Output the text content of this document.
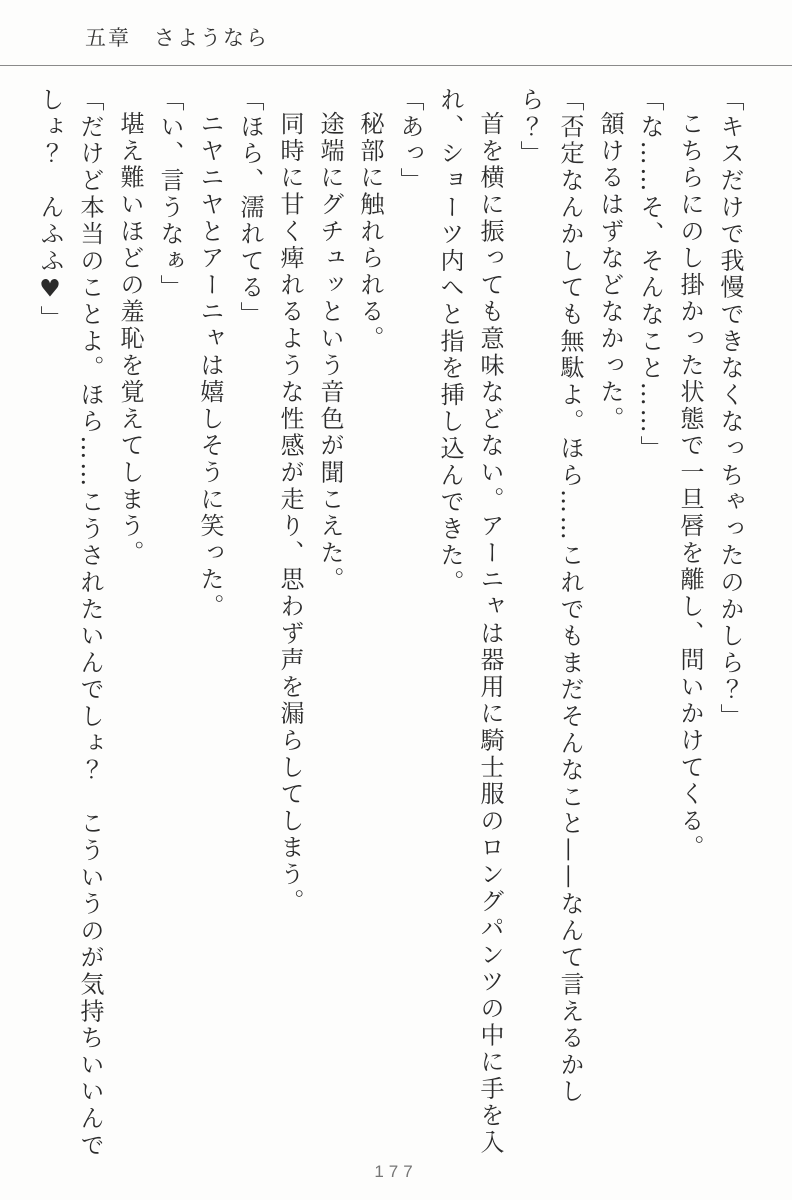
五章　さようなら

「キスだけで我慢できなくなっちゃったのかしら？」

こちらにのし掛かった状態で一旦唇を離し、問いかけてくる。

「な……そ、そんなこと……」

頷けるはずなどなかった。

「否定なんかしても無駄よ。ほら……これでもまだそんなこと——なんて言えるかしら？」

首を横に振っても意味などない。アーニャは器用に騎士服のロングパンツの中に手を入れ、ショーツ内へと指を挿し込んできた。

「あっ」

秘部に触れられる。

途端にグチュッという音色が聞こえた。

同時に甘く痺れるような性感が走り、思わず声を漏らしてしまう。

「ほら、濡れてる」

ニヤニヤとアーニャは嬉しそうに笑った。

「い、言うなぁ」

堪え難いほどの羞恥を覚えてしまう。

「だけど本当のことよ。ほら……こうされたいんでしょ？　こういうのが気持ちいいんでしょ？　んふふ♥」

177
